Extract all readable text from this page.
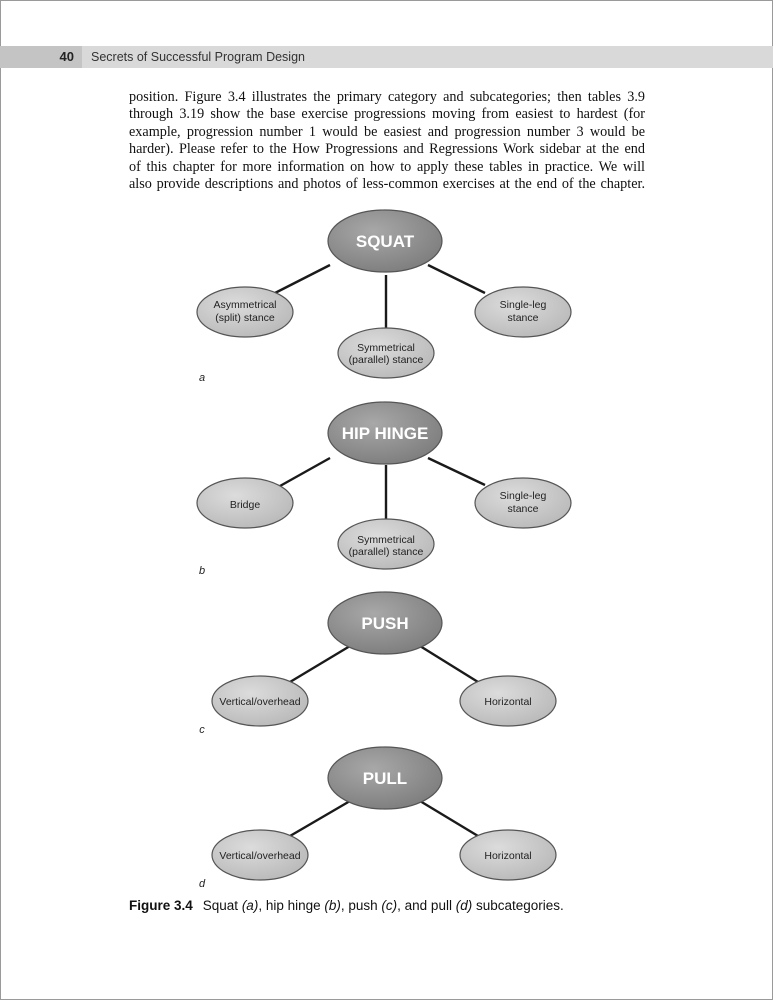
40 Secrets of Successful Program Design

position. Figure 3.4 illustrates the primary category and subcategories; then tables 3.9
through 3.19 show the base exercise progressions moving from easiest to hardest (for
example, progression number 1 would be easiest and progression number 3 would be
harder). Please refer to the How Progressions and Regressions Work sidebar at the end
of this chapter for more information on how to apply these tables in practice. We will
also provide descriptions and photos of less-common exercises at the end of the chapter.

SQUAT
Asymmetrical
(split) stance
Symmetrical
(parallel) stance
Single-leg
stance
a
HIP HINGE
Bridge
Symmetrical
(parallel) stance
Single-leg
stance
b
PUSH
Vertical/overhead	Horizontal
c
PULL
Vertical/overhead	Horizontal
d
Figure 3.4 Squat (a), hip hinge (b), push (c), and pull (d) subcategories.
